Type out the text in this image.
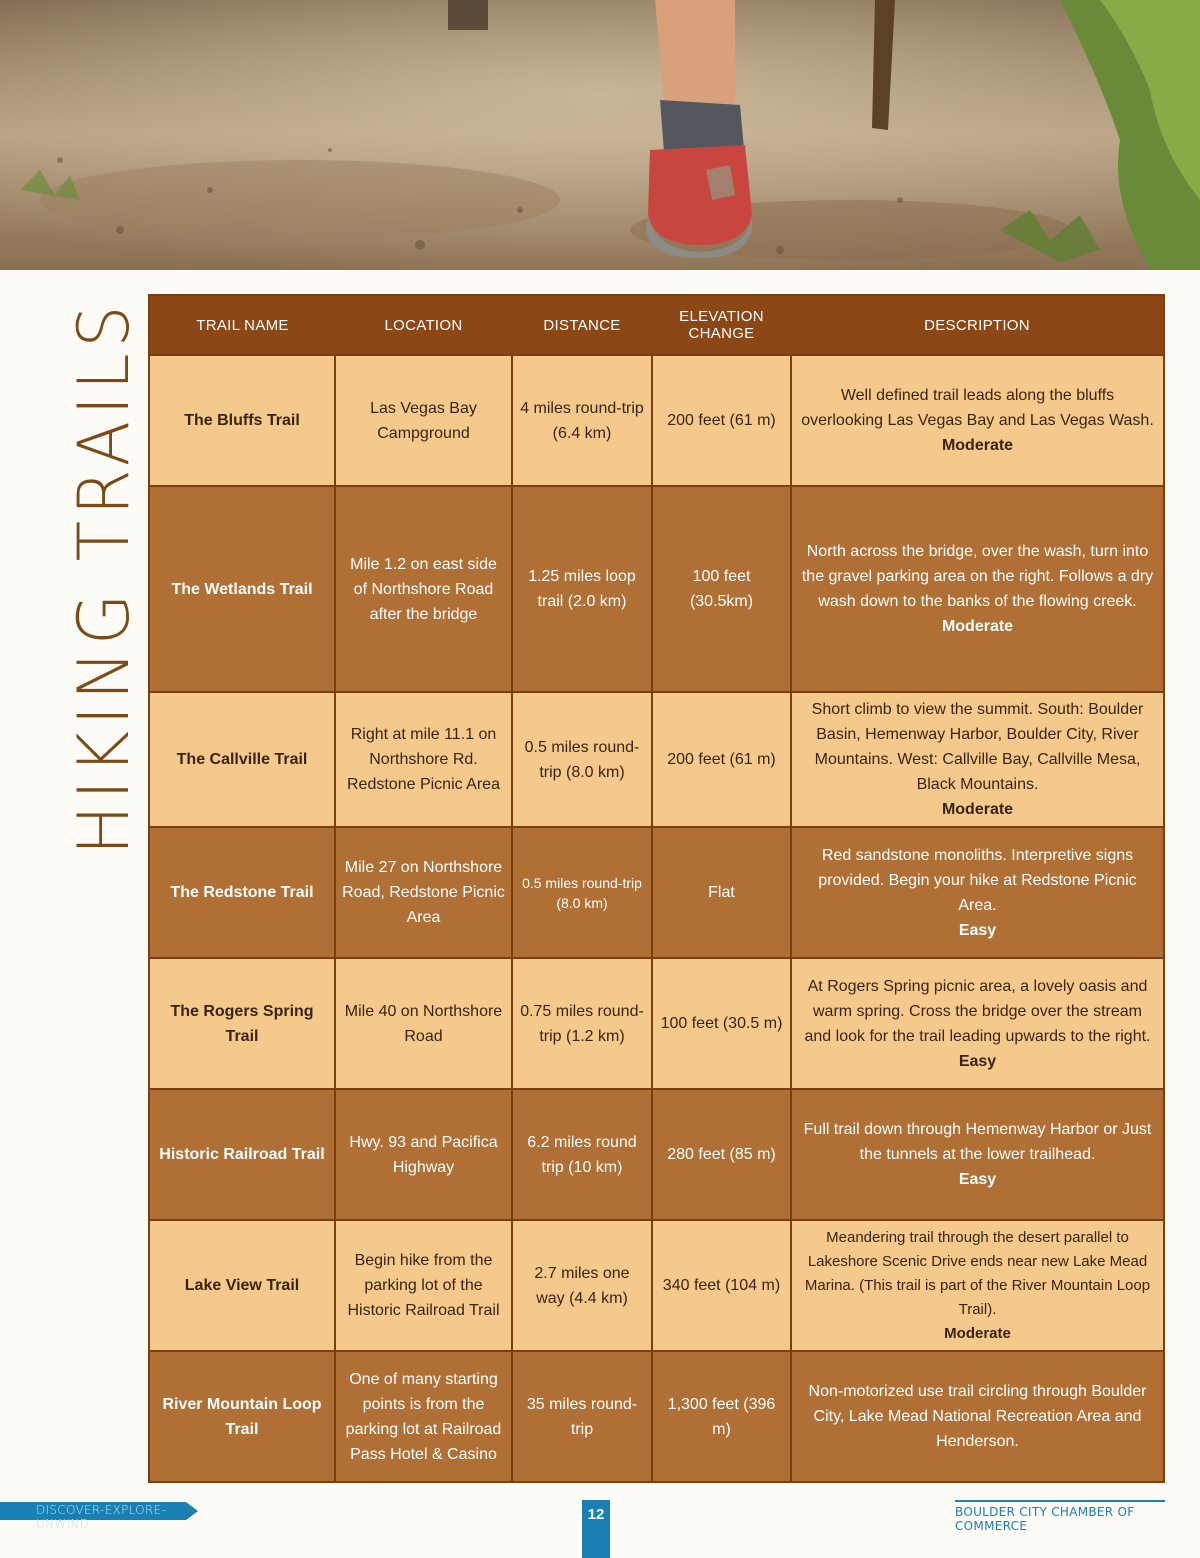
HIKING TRAILS	TRAIL NAME	LOCATION	DISTANCE	ELEVATION CHANGE	DESCRIPTION
The Bluffs Trail	Las Vegas Bay Campground	4 miles round-trip (6.4 km)	200 feet (61 m)	Well defined trail leads along the bluffs overlooking Las Vegas Bay and Las Vegas Wash.
Moderate
The Wetlands Trail	Mile 1.2 on east side of Northshore Road after the bridge	1.25 miles loop trail (2.0 km)	100 feet (30.5km)	North across the bridge, over the wash, turn into the gravel parking area on the right. Follows a dry wash down to the banks of the flowing creek.
Moderate
The Callville Trail	Right at mile 11.1 on Northshore Rd. Redstone Picnic Area	0.5 miles round-trip (8.0 km)	200 feet (61 m)	Short climb to view the summit. South: Boulder Basin, Hemenway Harbor, Boulder City, River Mountains. West: Callville Bay, Callville Mesa, Black Mountains.
Moderate
The Redstone Trail	Mile 27 on Northshore Road, Redstone Picnic Area	0.5 miles round-trip (8.0 km)	Flat	Red sandstone monoliths. Interpretive signs provided. Begin your hike at Redstone Picnic Area.
Easy
The Rogers Spring Trail	Mile 40 on Northshore Road	0.75 miles round-trip (1.2 km)	100 feet (30.5 m)	At Rogers Spring picnic area, a lovely oasis and warm spring. Cross the bridge over the stream and look for the trail leading upwards to the right.
Easy
Historic Railroad Trail	Hwy. 93 and Pacifica Highway	6.2 miles round trip (10 km)	280 feet (85 m)	Full trail down through Hemenway Harbor or Just the tunnels at the lower trailhead.
Easy
Lake View Trail	Begin hike from the parking lot of the Historic Railroad Trail	2.7 miles one way (4.4 km)	340 feet (104 m)	Meandering trail through the desert parallel to Lakeshore Scenic Drive ends near new Lake Mead Marina. (This trail is part of the River Mountain Loop Trail).
Moderate
River Mountain Loop Trail	One of many starting points is from the parking lot at Railroad Pass Hotel & Casino	35 miles round-trip	1,300 feet (396 m)	Non-motorized use trail circling through Boulder City, Lake Mead National Recreation Area and Henderson.
DISCOVER-EXPLORE-UNWIND
12	BOULDER CITY CHAMBER OF COMMERCE
